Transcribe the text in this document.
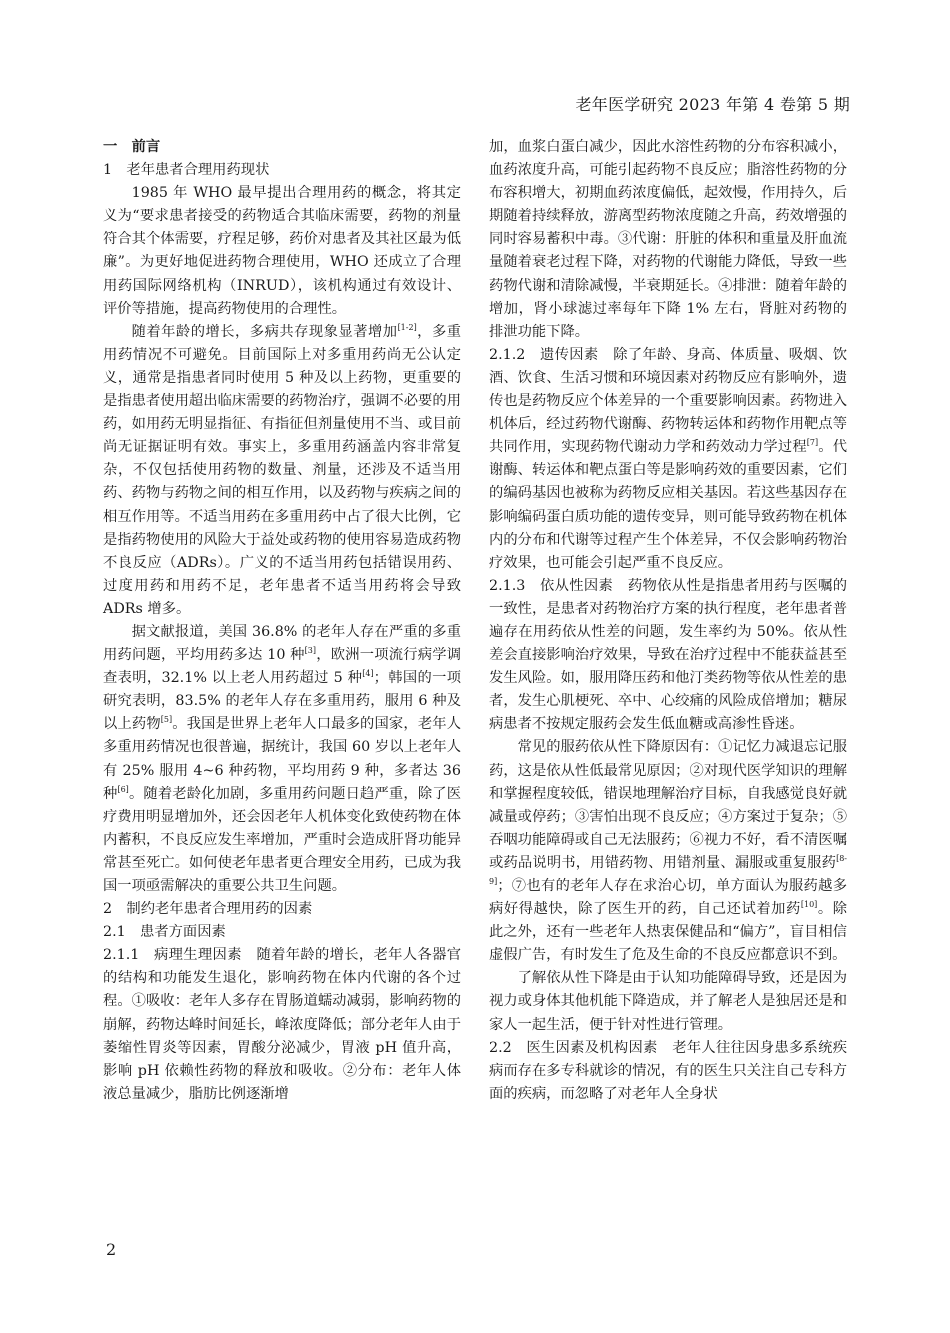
老年医学研究 2023 年第 4 卷第 5 期
一 前言
1 老年患者合理用药现状

1985 年 WHO 最早提出合理用药的概念，将其定义为“要求患者接受的药物适合其临床需要，药物的剂量符合其个体需要，疗程足够，药价对患者及其社区最为低廉”。为更好地促进药物合理使用，WHO 还成立了合理用药国际网络机构（INRUD），该机构通过有效设计、评价等措施，提高药物使用的合理性。

随着年龄的增长，多病共存现象显著增加[1-2]，多重用药情况不可避免。目前国际上对多重用药尚无公认定义，通常是指患者同时使用 5 种及以上药物，更重要的是指患者使用超出临床需要的药物治疗，强调不必要的用药，如用药无明显指征、有指征但剂量使用不当、或目前尚无证据证明有效。事实上，多重用药涵盖内容非常复杂，不仅包括使用药物的数量、剂量，还涉及不适当用药、药物与药物之间的相互作用，以及药物与疾病之间的相互作用等。不适当用药在多重用药中占了很大比例，它是指药物使用的风险大于益处或药物的使用容易造成药物不良反应（ADRs）。广义的不适当用药包括错误用药、过度用药和用药不足，老年患者不适当用药将会导致 ADRs 增多。

据文献报道，美国 36.8% 的老年人存在严重的多重用药问题，平均用药多达 10 种[3]，欧洲一项流行病学调查表明，32.1% 以上老人用药超过 5 种[4]；韩国的一项研究表明，83.5% 的老年人存在多重用药，服用 6 种及以上药物[5]。我国是世界上老年人口最多的国家，老年人多重用药情况也很普遍，据统计，我国 60 岁以上老年人有 25% 服用 4~6 种药物，平均用药 9 种，多者达 36 种[6]。随着老龄化加剧，多重用药问题日趋严重，除了医疗费用明显增加外，还会因老年人机体变化致使药物在体内蓄积，不良反应发生率增加，严重时会造成肝肾功能异常甚至死亡。如何使老年患者更合理安全用药，已成为我国一项亟需解决的重要公共卫生问题。

2 制约老年患者合理用药的因素
2.1 患者方面因素

2.1.1 病理生理因素 随着年龄的增长，老年人各器官的结构和功能发生退化，影响药物在体内代谢的各个过程。①吸收：老年人多存在胃肠道蠕动减弱，影响药物的崩解，药物达峰时间延长，峰浓度降低；部分老年人由于萎缩性胃炎等因素，胃酸分泌减少，胃液 pH 值升高，影响 pH 依赖性药物的释放和吸收。②分布：老年人体液总量减少，脂肪比例逐渐增

加，血浆白蛋白减少，因此水溶性药物的分布容积减小，血药浓度升高，可能引起药物不良反应；脂溶性药物的分布容积增大，初期血药浓度偏低，起效慢，作用持久，后期随着持续释放，游离型药物浓度随之升高，药效增强的同时容易蓄积中毒。③代谢：肝脏的体积和重量及肝血流量随着衰老过程下降，对药物的代谢能力降低，导致一些药物代谢和清除减慢，半衰期延长。④排泄：随着年龄的增加，肾小球滤过率每年下降 1% 左右，肾脏对药物的排泄功能下降。

2.1.2 遗传因素 除了年龄、身高、体质量、吸烟、饮酒、饮食、生活习惯和环境因素对药物反应有影响外，遗传也是药物反应个体差异的一个重要影响因素。药物进入机体后，经过药物代谢酶、药物转运体和药物作用靶点等共同作用，实现药物代谢动力学和药效动力学过程[7]。代谢酶、转运体和靶点蛋白等是影响药效的重要因素，它们的编码基因也被称为药物反应相关基因。若这些基因存在影响编码蛋白质功能的遗传变异，则可能导致药物在机体内的分布和代谢等过程产生个体差异，不仅会影响药物治疗效果，也可能会引起严重不良反应。

2.1.3 依从性因素 药物依从性是指患者用药与医嘱的一致性，是患者对药物治疗方案的执行程度，老年患者普遍存在用药依从性差的问题，发生率约为 50%。依从性差会直接影响治疗效果，导致在治疗过程中不能获益甚至发生风险。如，服用降压药和他汀类药物等依从性差的患者，发生心肌梗死、卒中、心绞痛的风险成倍增加；糖尿病患者不按规定服药会发生低血糖或高渗性昏迷。

常见的服药依从性下降原因有：①记忆力减退忘记服药，这是依从性低最常见原因；②对现代医学知识的理解和掌握程度较低，错误地理解治疗目标，自我感觉良好就减量或停药；③害怕出现不良反应；④方案过于复杂；⑤吞咽功能障碍或自己无法服药；⑥视力不好，看不清医嘱或药品说明书，用错药物、用错剂量、漏服或重复服药[8-9]；⑦也有的老年人存在求治心切，单方面认为服药越多病好得越快，除了医生开的药，自己还试着加药[10]。除此之外，还有一些老年人热衷保健品和“偏方”，盲目相信虚假广告，有时发生了危及生命的不良反应都意识不到。

了解依从性下降是由于认知功能障碍导致，还是因为视力或身体其他机能下降造成，并了解老人是独居还是和家人一起生活，便于针对性进行管理。

2.2 医生因素及机构因素 老年人往往因身患多系统疾病而存在多专科就诊的情况，有的医生只关注自己专科方面的疾病，而忽略了对老年人全身状

2
